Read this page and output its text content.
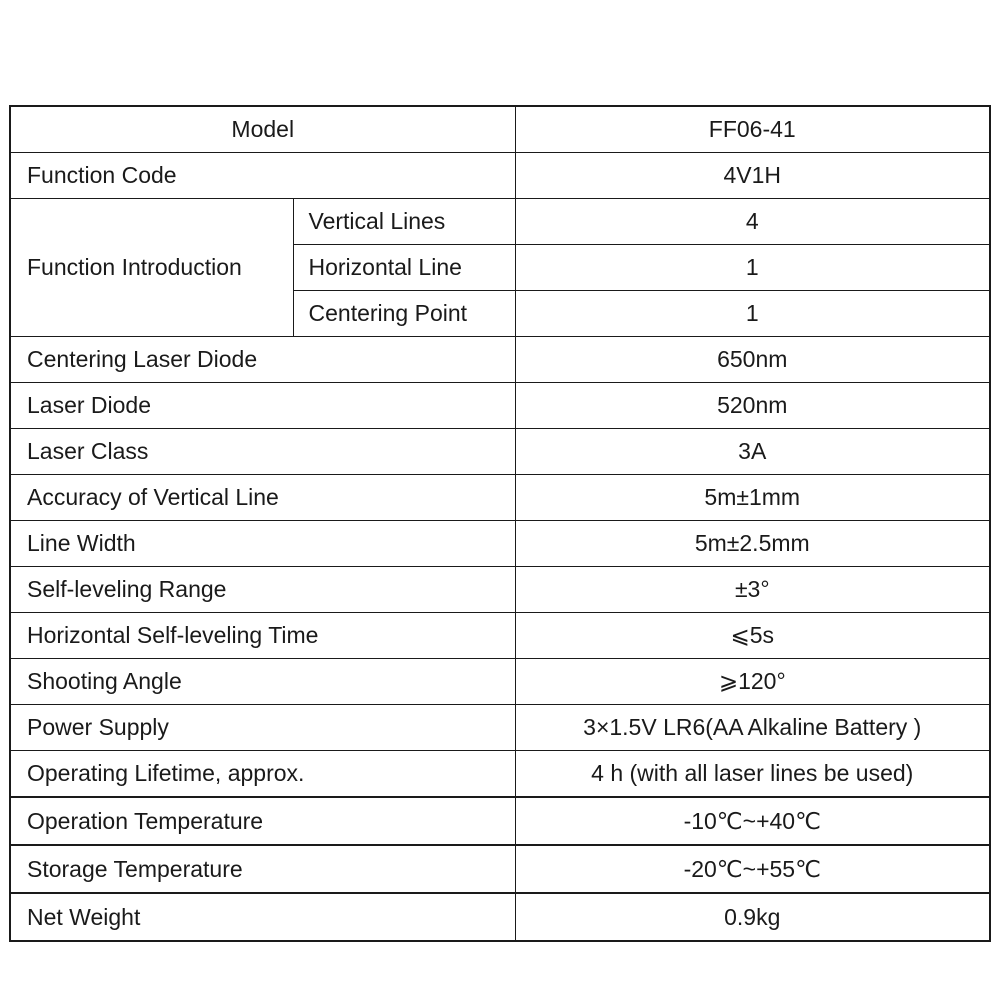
Model		FF06-41
Function Code		4V1H
Function Introduction	Vertical Lines	4
	Horizontal Line	1
	Centering Point	1
Centering Laser Diode		650nm
Laser Diode		520nm
Laser Class		3A
Accuracy of Vertical Line		5m±1mm
Line Width		5m±2.5mm
Self-leveling Range		±3°
Horizontal Self-leveling Time		⩽5s
Shooting Angle		⩾120°
Power Supply		3×1.5V LR6(AA Alkaline Battery )
Operating Lifetime, approx.		4 h (with all laser lines be used)
Operation Temperature		-10℃~+40℃
Storage Temperature		-20℃~+55℃
Net Weight		0.9kg
